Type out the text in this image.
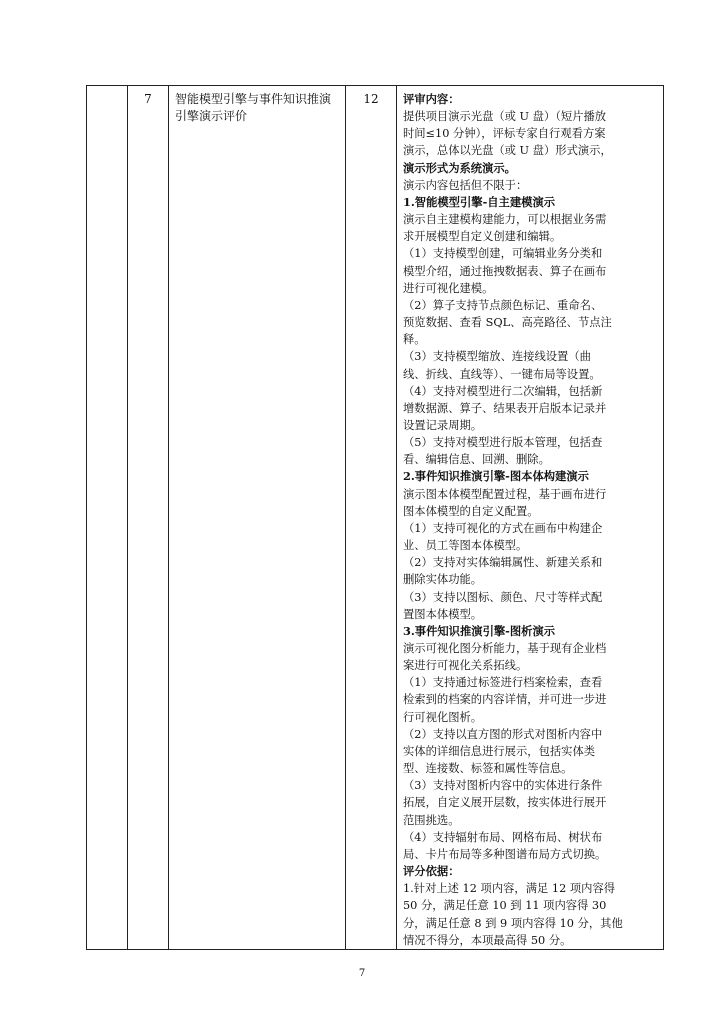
	7	智能模型引擎与事件知识推演引擎演示评价	12	评审内容：
提供项目演示光盘（或 U 盘）（短片播放
时间≤10 分钟），评标专家自行观看方案
演示，总体以光盘（或 U 盘）形式演示，
演示形式为系统演示。
演示内容包括但不限于：
1.智能模型引擎-自主建模演示
演示自主建模构建能力，可以根据业务需
求开展模型自定义创建和编辑。
（1）支持模型创建，可编辑业务分类和
模型介绍，通过拖拽数据表、算子在画布
进行可视化建模。
（2）算子支持节点颜色标记、重命名、
预览数据、查看 SQL、高亮路径、节点注
释。
（3）支持模型缩放、连接线设置（曲
线、折线、直线等）、一键布局等设置。
（4）支持对模型进行二次编辑，包括新
增数据源、算子、结果表开启版本记录并
设置记录周期。
（5）支持对模型进行版本管理，包括查
看、编辑信息、回溯、删除。
2.事件知识推演引擎-图本体构建演示
演示图本体模型配置过程，基于画布进行
图本体模型的自定义配置。
（1）支持可视化的方式在画布中构建企
业、员工等图本体模型。
（2）支持对实体编辑属性、新建关系和
删除实体功能。
（3）支持以图标、颜色、尺寸等样式配
置图本体模型。
3.事件知识推演引擎-图析演示
演示可视化图分析能力，基于现有企业档
案进行可视化关系拓线。
（1）支持通过标签进行档案检索，查看
检索到的档案的内容详情，并可进一步进
行可视化图析。
（2）支持以直方图的形式对图析内容中
实体的详细信息进行展示，包括实体类
型、连接数、标签和属性等信息。
（3）支持对图析内容中的实体进行条件
拓展，自定义展开层数，按实体进行展开
范围挑选。
（4）支持辐射布局、网格布局、树状布
局、卡片布局等多种图谱布局方式切换。
评分依据：
1.针对上述 12 项内容，满足 12 项内容得
50 分，满足任意 10 到 11 项内容得 30
分，满足任意 8 到 9 项内容得 10 分，其他
情况不得分，本项最高得 50 分。
7
